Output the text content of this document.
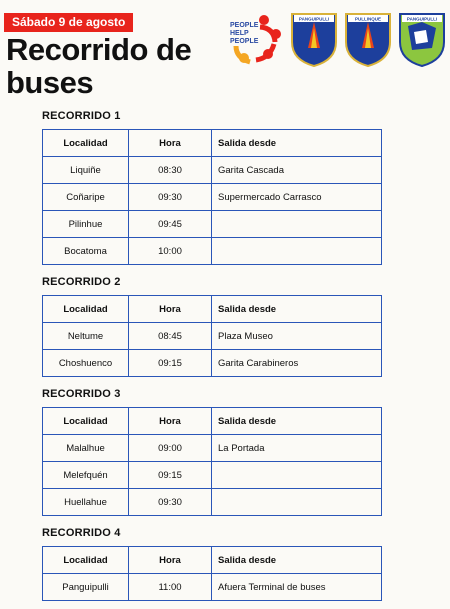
Sábado 9 de agosto
Recorrido de buses
PEOPLE HELP PEOPLE
PANGUIPULLI	PULLINQUE	PANGUIPULLI
RECORRIDO 1
Localidad	Hora	Salida desde
Liquiñe	08:30	Garita Cascada
Coñaripe	09:30	Supermercado Carrasco
Pilinhue	09:45	
Bocatoma	10:00	
RECORRIDO 2
Localidad	Hora	Salida desde
Neltume	08:45	Plaza Museo
Choshuenco	09:15	Garita Carabineros
RECORRIDO 3
Localidad	Hora	Salida desde
Malalhue	09:00	La Portada
Melefquén	09:15	
Huellahue	09:30	
RECORRIDO 4
Localidad	Hora	Salida desde
Panguipulli	11:00	Afuera Terminal de buses
